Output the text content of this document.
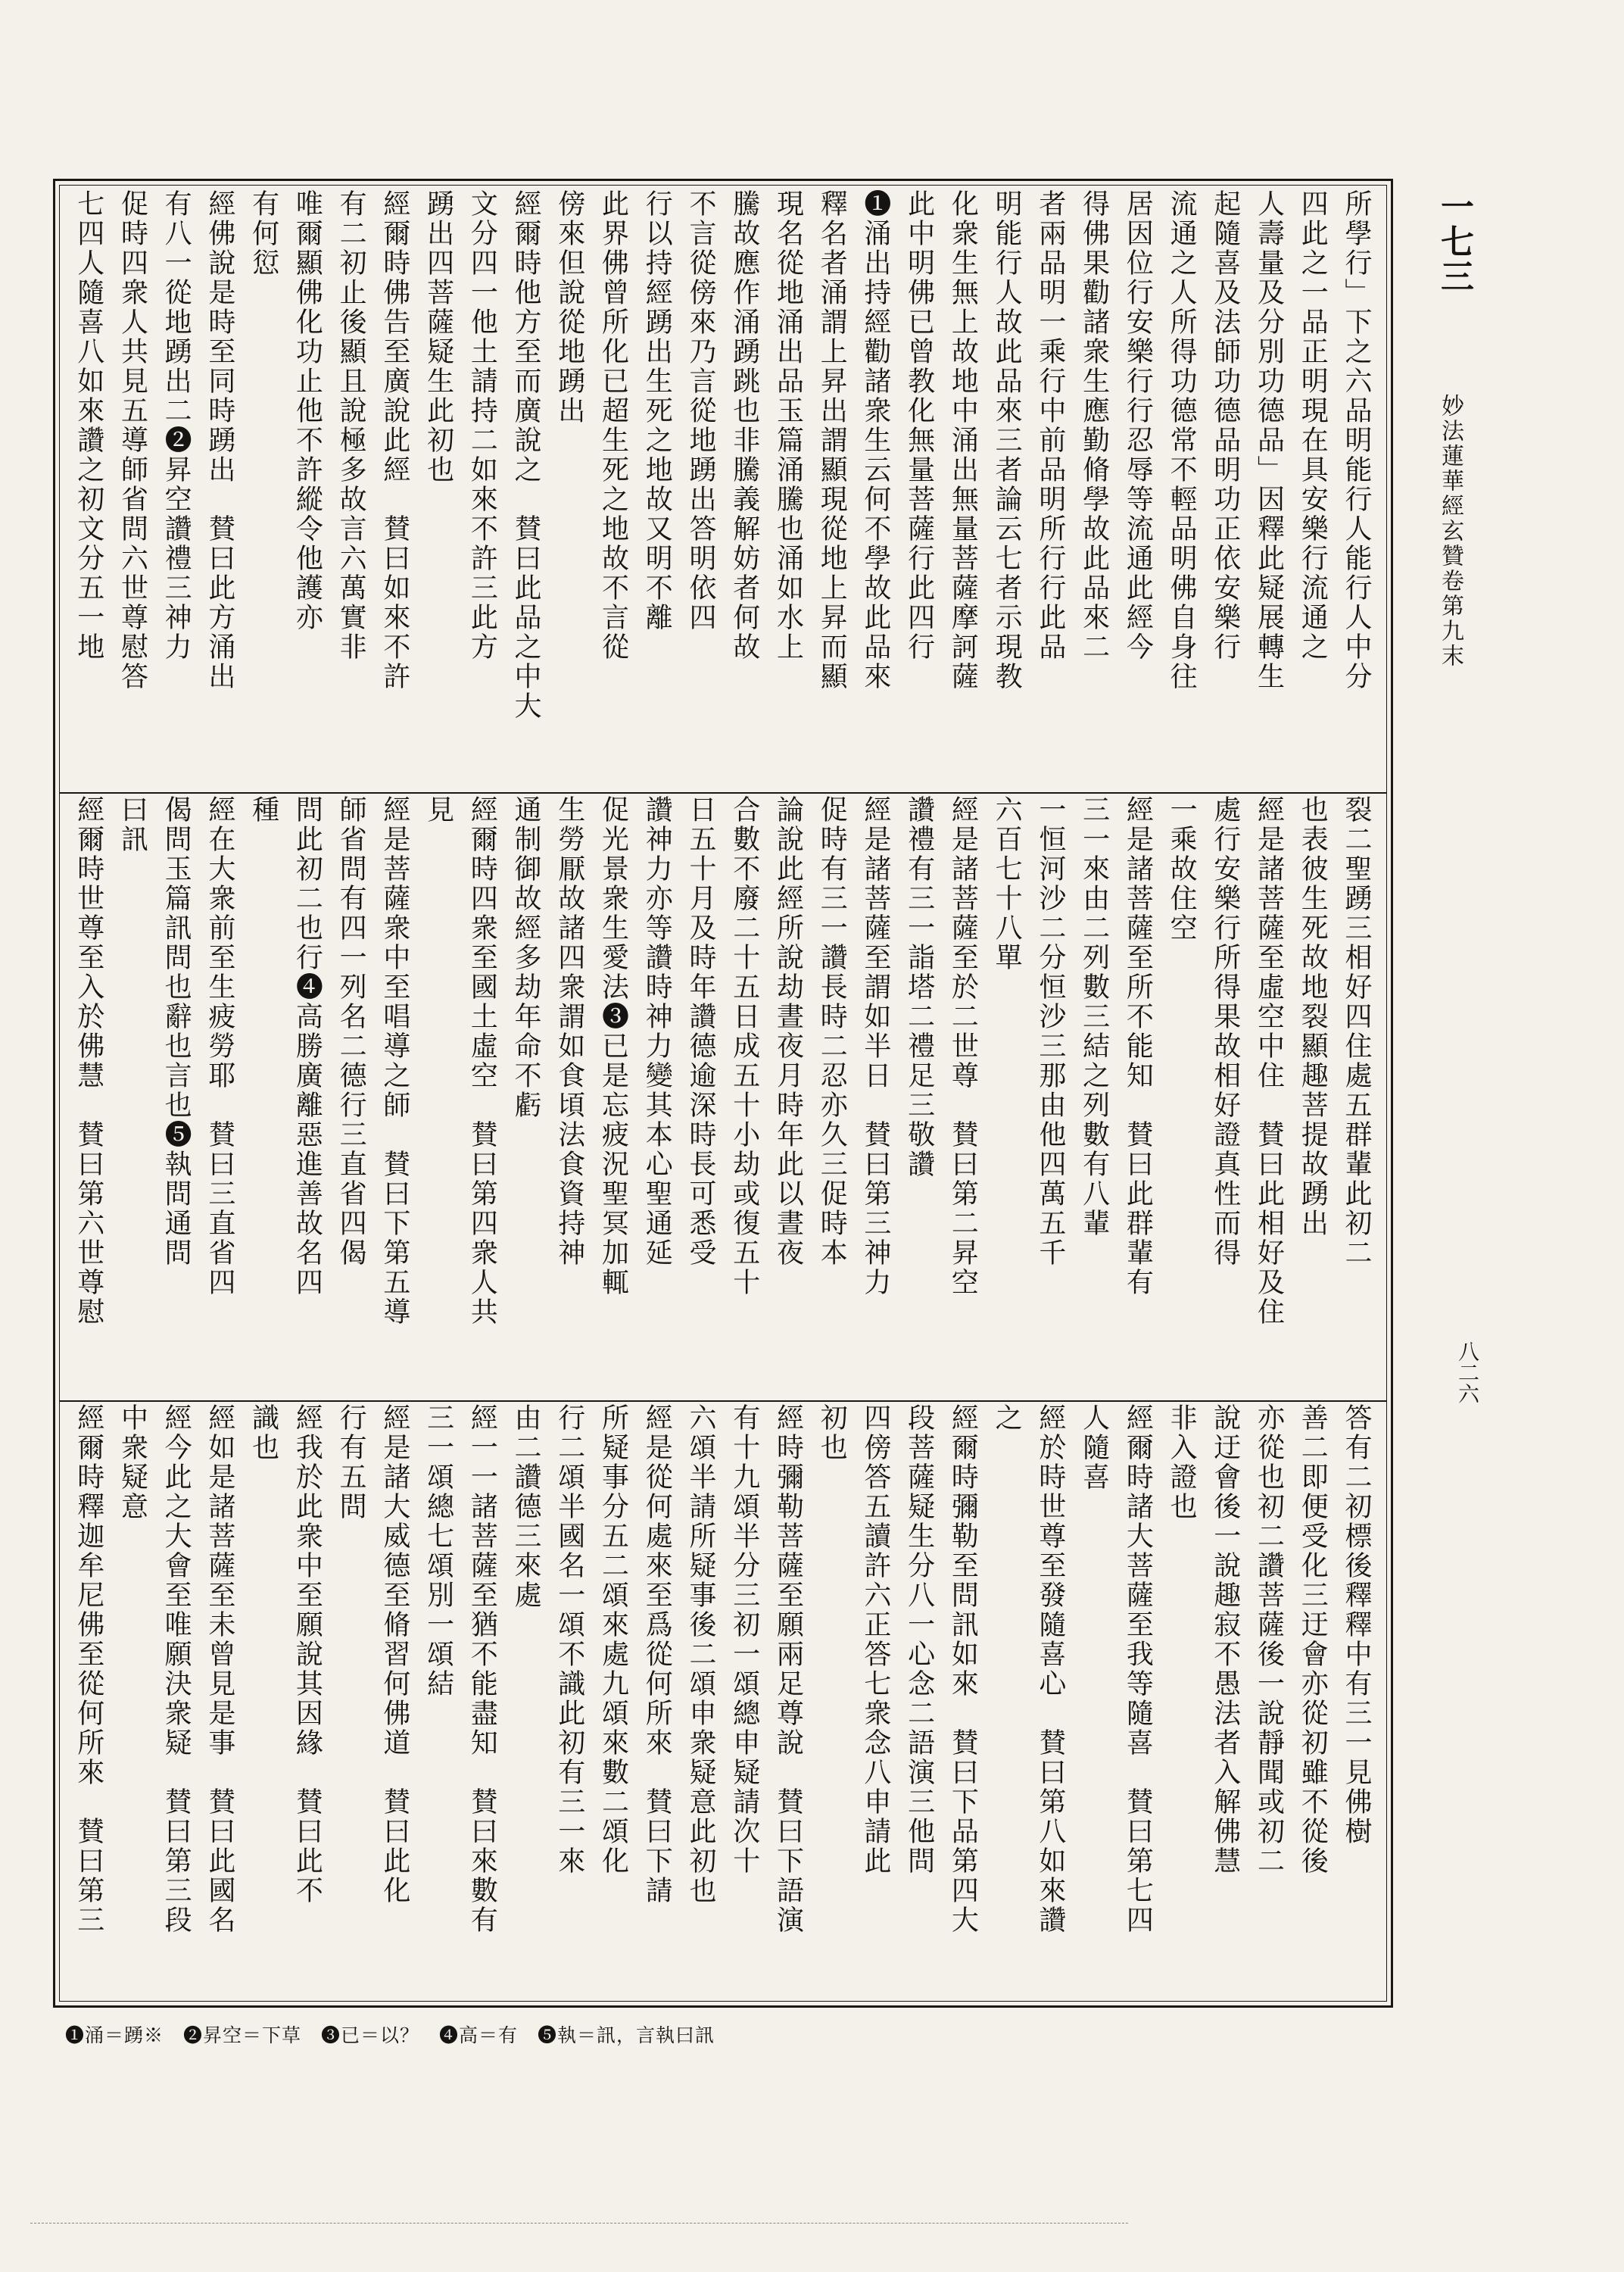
一七三
妙法蓮華經玄贊卷第九末
八二六
所學行」下之六品明能行人能行人中分
四此之一品正明現在具安樂行流通之
人壽量及分別功德品」因釋此疑展轉生
起隨喜及法師功德品明功正依安樂行
流通之人所得功德常不輕品明佛自身往
居因位行安樂行行忍辱等流通此經今
得佛果勸諸衆生應勤脩學故此品來二
者兩品明一乘行中前品明所行行此品
明能行人故此品來三者論云七者示現教
化衆生無上故地中涌出無量菩薩摩訶薩
此中明佛已曾教化無量菩薩行此四行
❶涌出持經勸諸衆生云何不學故此品來
釋名者涌謂上昇出謂顯現從地上昇而顯
現名從地涌出品玉篇涌騰也涌如水上
騰故應作涌踴跳也非騰義解妨者何故
不言從傍來乃言從地踴出答明依四
行以持經踴出生死之地故又明不離
此界佛曾所化已超生死之地故不言從
傍來但說從地踴出
經爾時他方至而廣說之　賛曰此品之中大
文分四一他土請持二如來不許三此方
踴出四菩薩疑生此初也
經爾時佛告至廣說此經　賛曰如來不許
有二初止後顯且說極多故言六萬實非
唯爾顯佛化功止他不許縱令他護亦
有何愆
經佛說是時至同時踴出　賛曰此方涌出
有八一從地踴出二❷昇空讚禮三神力
促時四衆人共見五導師省問六世尊慰答
七四人隨喜八如來讚之初文分五一地
裂二聖踴三相好四住處五群輩此初二
也表彼生死故地裂顯趣菩提故踴出
經是諸菩薩至虛空中住　賛曰此相好及住
處行安樂行所得果故相好證真性而得
一乘故住空
經是諸菩薩至所不能知　賛曰此群輩有
三一來由二列數三結之列數有八輩
一恒河沙二分恒沙三那由他四萬五千
六百七十八單
經是諸菩薩至於二世尊　賛曰第二昇空
讚禮有三一詣塔二禮足三敬讚
經是諸菩薩至謂如半日　賛曰第三神力
促時有三一讚長時二忍亦久三促時本
論說此經所說劫晝夜月時年此以晝夜
合數不廢二十五日成五十小劫或復五十
日五十月及時年讚德逾深時長可悉受
讚神力亦等讚時神力變其本心聖通延
促光景衆生愛法❸已是忘疲況聖冥加輒
生勞厭故諸四衆謂如食頃法食資持神
通制御故經多劫年命不虧
經爾時四衆至國土虛空　賛曰第四衆人共
見
經是菩薩衆中至唱導之師　賛曰下第五導
師省問有四一列名二德行三直省四偈
問此初二也行❹高勝廣離惡進善故名四
種
經在大衆前至生疲勞耶　賛曰三直省四
偈問玉篇訊問也辭也言也❺執問通問
曰訊
經爾時世尊至入於佛慧　賛曰第六世尊慰
答有二初標後釋釋中有三一見佛樹
善二即便受化三迂會亦從初雖不從後
亦從也初二讚菩薩後一說靜聞或初二
說迂會後一說趣寂不愚法者入解佛慧
非入證也
經爾時諸大菩薩至我等隨喜　賛曰第七四
人隨喜
經於時世尊至發隨喜心　賛曰第八如來讚
之
經爾時彌勒至問訊如來　賛曰下品第四大
段菩薩疑生分八一心念二語演三他問
四傍答五讀許六正答七衆念八申請此
初也
經時彌勒菩薩至願兩足尊說　賛曰下語演
有十九頌半分三初一頌總申疑請次十
六頌半請所疑事後二頌申衆疑意此初也
經是從何處來至爲從何所來　賛曰下請
所疑事分五二頌來處九頌來數二頌化
行二頌半國名一頌不識此初有三一來
由二讚德三來處
經一一諸菩薩至猶不能盡知　賛曰來數有
三一頌總七頌別一頌結
經是諸大威德至脩習何佛道　賛曰此化
行有五問
經我於此衆中至願說其因緣　賛曰此不
識也
經如是諸菩薩至未曾見是事　賛曰此國名
經今此之大會至唯願決衆疑　賛曰第三段
中衆疑意
經爾時釋迦牟尼佛至從何所來　賛曰第三
❶涌＝踴※　❷昇空＝下草　❸已＝以？　❹高＝有　❺執＝訊，言執曰訊
